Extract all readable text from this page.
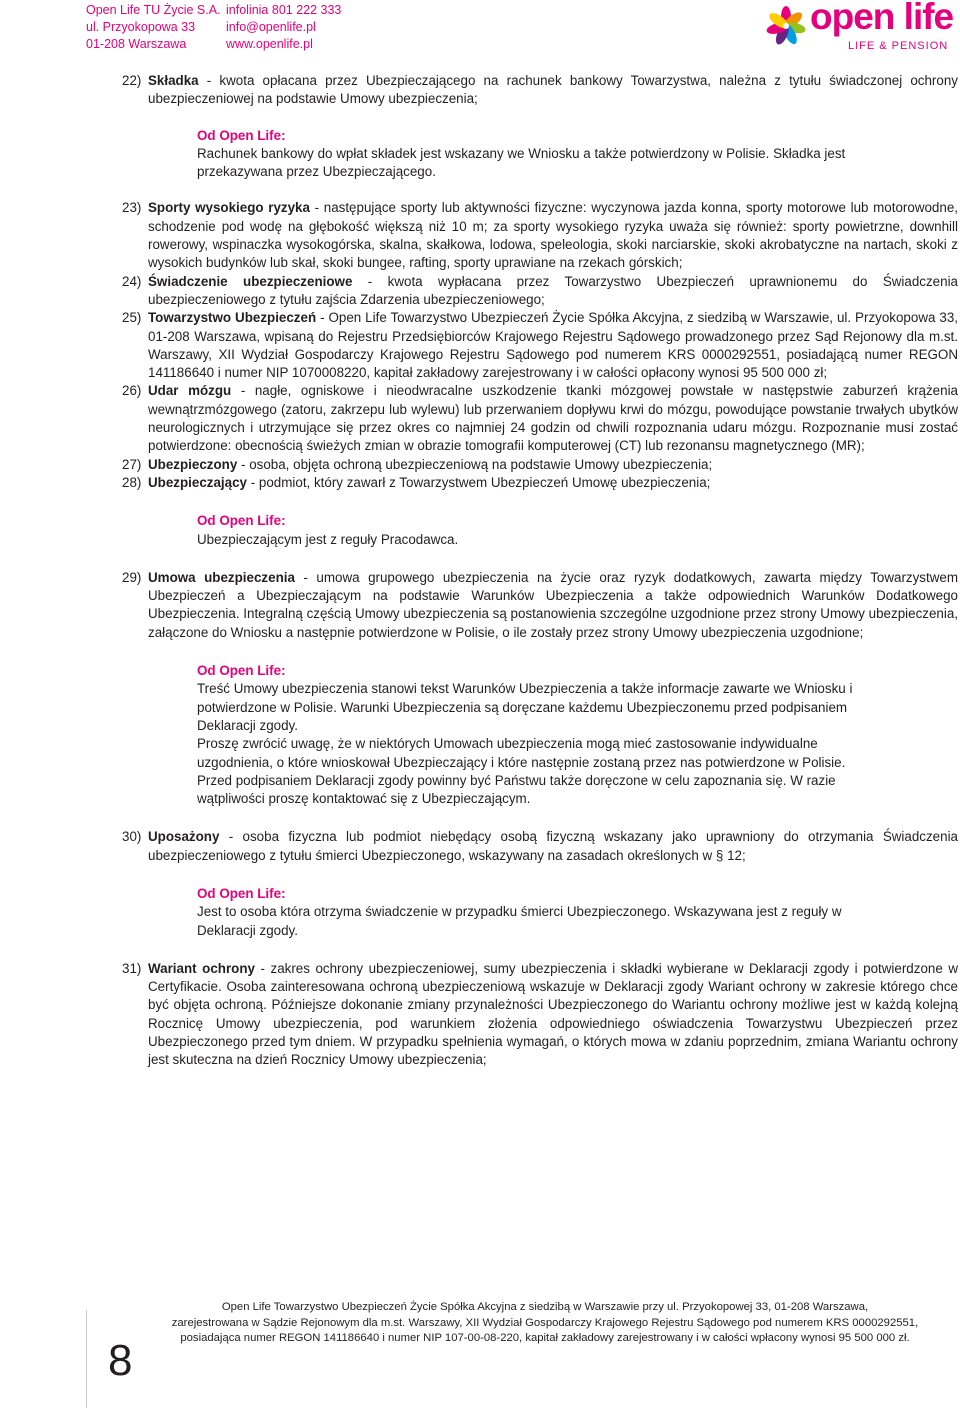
Open Life TU Życie S.A.
ul. Przyokopowa 33
01-208 Warszawa
infolinia 801 222 333
info@openlife.pl
www.openlife.pl
open life
LIFE & PENSION
22) Składka - kwota opłacana przez Ubezpieczającego na rachunek bankowy Towarzystwa, należna z tytułu świadczonej ochrony ubezpieczeniowej na podstawie Umowy ubezpieczenia;
Od Open Life:
Rachunek bankowy do wpłat składek jest wskazany we Wniosku a także potwierdzony w Polisie. Składka jest przekazywana przez Ubezpieczającego.
23) Sporty wysokiego ryzyka - następujące sporty lub aktywności fizyczne: wyczynowa jazda konna, sporty motorowe lub motorowodne, schodzenie pod wodę na głębokość większą niż 10 m; za sporty wysokiego ryzyka uważa się również: sporty powietrzne, downhill rowerowy, wspinaczka wysokogórska, skalna, skałkowa, lodowa, speleologia, skoki narciarskie, skoki akrobatyczne na nartach, skoki z wysokich budynków lub skał, skoki bungee, rafting, sporty uprawiane na rzekach górskich;
24) Świadczenie ubezpieczeniowe - kwota wypłacana przez Towarzystwo Ubezpieczeń uprawnionemu do Świadczenia ubezpieczeniowego z tytułu zajścia Zdarzenia ubezpieczeniowego;
25) Towarzystwo Ubezpieczeń - Open Life Towarzystwo Ubezpieczeń Życie Spółka Akcyjna, z siedzibą w Warszawie, ul. Przyokopowa 33, 01-208 Warszawa, wpisaną do Rejestru Przedsiębiorców Krajowego Rejestru Sądowego prowadzonego przez Sąd Rejonowy dla m.st. Warszawy, XII Wydział Gospodarczy Krajowego Rejestru Sądowego pod numerem KRS 0000292551, posiadającą numer REGON 141186640 i numer NIP 1070008220, kapitał zakładowy zarejestrowany i w całości opłacony wynosi 95 500 000 zł;
26) Udar mózgu - nagłe, ogniskowe i nieodwracalne uszkodzenie tkanki mózgowej powstałe w następstwie zaburzeń krążenia wewnątrzmózgowego (zatoru, zakrzepu lub wylewu) lub przerwaniem dopływu krwi do mózgu, powodujące powstanie trwałych ubytków neurologicznych i utrzymujące się przez okres co najmniej 24 godzin od chwili rozpoznania udaru mózgu. Rozpoznanie musi zostać potwierdzone: obecnością świeżych zmian w obrazie tomografii komputerowej (CT) lub rezonansu magnetycznego (MR);
27) Ubezpieczony - osoba, objęta ochroną ubezpieczeniową na podstawie Umowy ubezpieczenia;
28) Ubezpieczający - podmiot, który zawarł z Towarzystwem Ubezpieczeń Umowę ubezpieczenia;
Od Open Life:
Ubezpieczającym jest z reguły Pracodawca.
29) Umowa ubezpieczenia - umowa grupowego ubezpieczenia na życie oraz ryzyk dodatkowych, zawarta między Towarzystwem Ubezpieczeń a Ubezpieczającym na podstawie Warunków Ubezpieczenia a także odpowiednich Warunków Dodatkowego Ubezpieczenia. Integralną częścią Umowy ubezpieczenia są postanowienia szczególne uzgodnione przez strony Umowy ubezpieczenia, załączone do Wniosku a następnie potwierdzone w Polisie, o ile zostały przez strony Umowy ubezpieczenia uzgodnione;
Od Open Life:
Treść Umowy ubezpieczenia stanowi tekst Warunków Ubezpieczenia a także informacje zawarte we Wniosku i potwierdzone w Polisie. Warunki Ubezpieczenia są doręczane każdemu Ubezpieczonemu przed podpisaniem Deklaracji zgody.
Proszę zwrócić uwagę, że w niektórych Umowach ubezpieczenia mogą mieć zastosowanie indywidualne uzgodnienia, o które wnioskował Ubezpieczający i które następnie zostaną przez nas potwierdzone w Polisie.
Przed podpisaniem Deklaracji zgody powinny być Państwu także doręczone w celu zapoznania się. W razie wątpliwości proszę kontaktować się z Ubezpieczającym.
30) Uposażony - osoba fizyczna lub podmiot niebędący osobą fizyczną wskazany jako uprawniony do otrzymania Świadczenia ubezpieczeniowego z tytułu śmierci Ubezpieczonego, wskazywany na zasadach określonych w § 12;
Od Open Life:
Jest to osoba która otrzyma świadczenie w przypadku śmierci Ubezpieczonego. Wskazywana jest z reguły w Deklaracji zgody.
31) Wariant ochrony - zakres ochrony ubezpieczeniowej, sumy ubezpieczenia i składki wybierane w Deklaracji zgody i potwierdzone w Certyfikacie. Osoba zainteresowana ochroną ubezpieczeniową wskazuje w Deklaracji zgody Wariant ochrony w zakresie którego chce być objęta ochroną. Późniejsze dokonanie zmiany przynależności Ubezpieczonego do Wariantu ochrony możliwe jest w każdą kolejną Rocznicę Umowy ubezpieczenia, pod warunkiem złożenia odpowiedniego oświadczenia Towarzystwu Ubezpieczeń przez Ubezpieczonego przed tym dniem. W przypadku spełnienia wymagań, o których mowa w zdaniu poprzednim, zmiana Wariantu ochrony jest skuteczna na dzień Rocznicy Umowy ubezpieczenia;
8
Open Life Towarzystwo Ubezpieczeń Życie Spółka Akcyjna z siedzibą w Warszawie przy ul. Przyokopowej 33, 01-208 Warszawa,
zarejestrowana w Sądzie Rejonowym dla m.st. Warszawy, XII Wydział Gospodarczy Krajowego Rejestru Sądowego pod numerem KRS 0000292551,
posiadająca numer REGON 141186640 i numer NIP 107-00-08-220, kapitał zakładowy zarejestrowany i w całości wpłacony wynosi 95 500 000 zł.
